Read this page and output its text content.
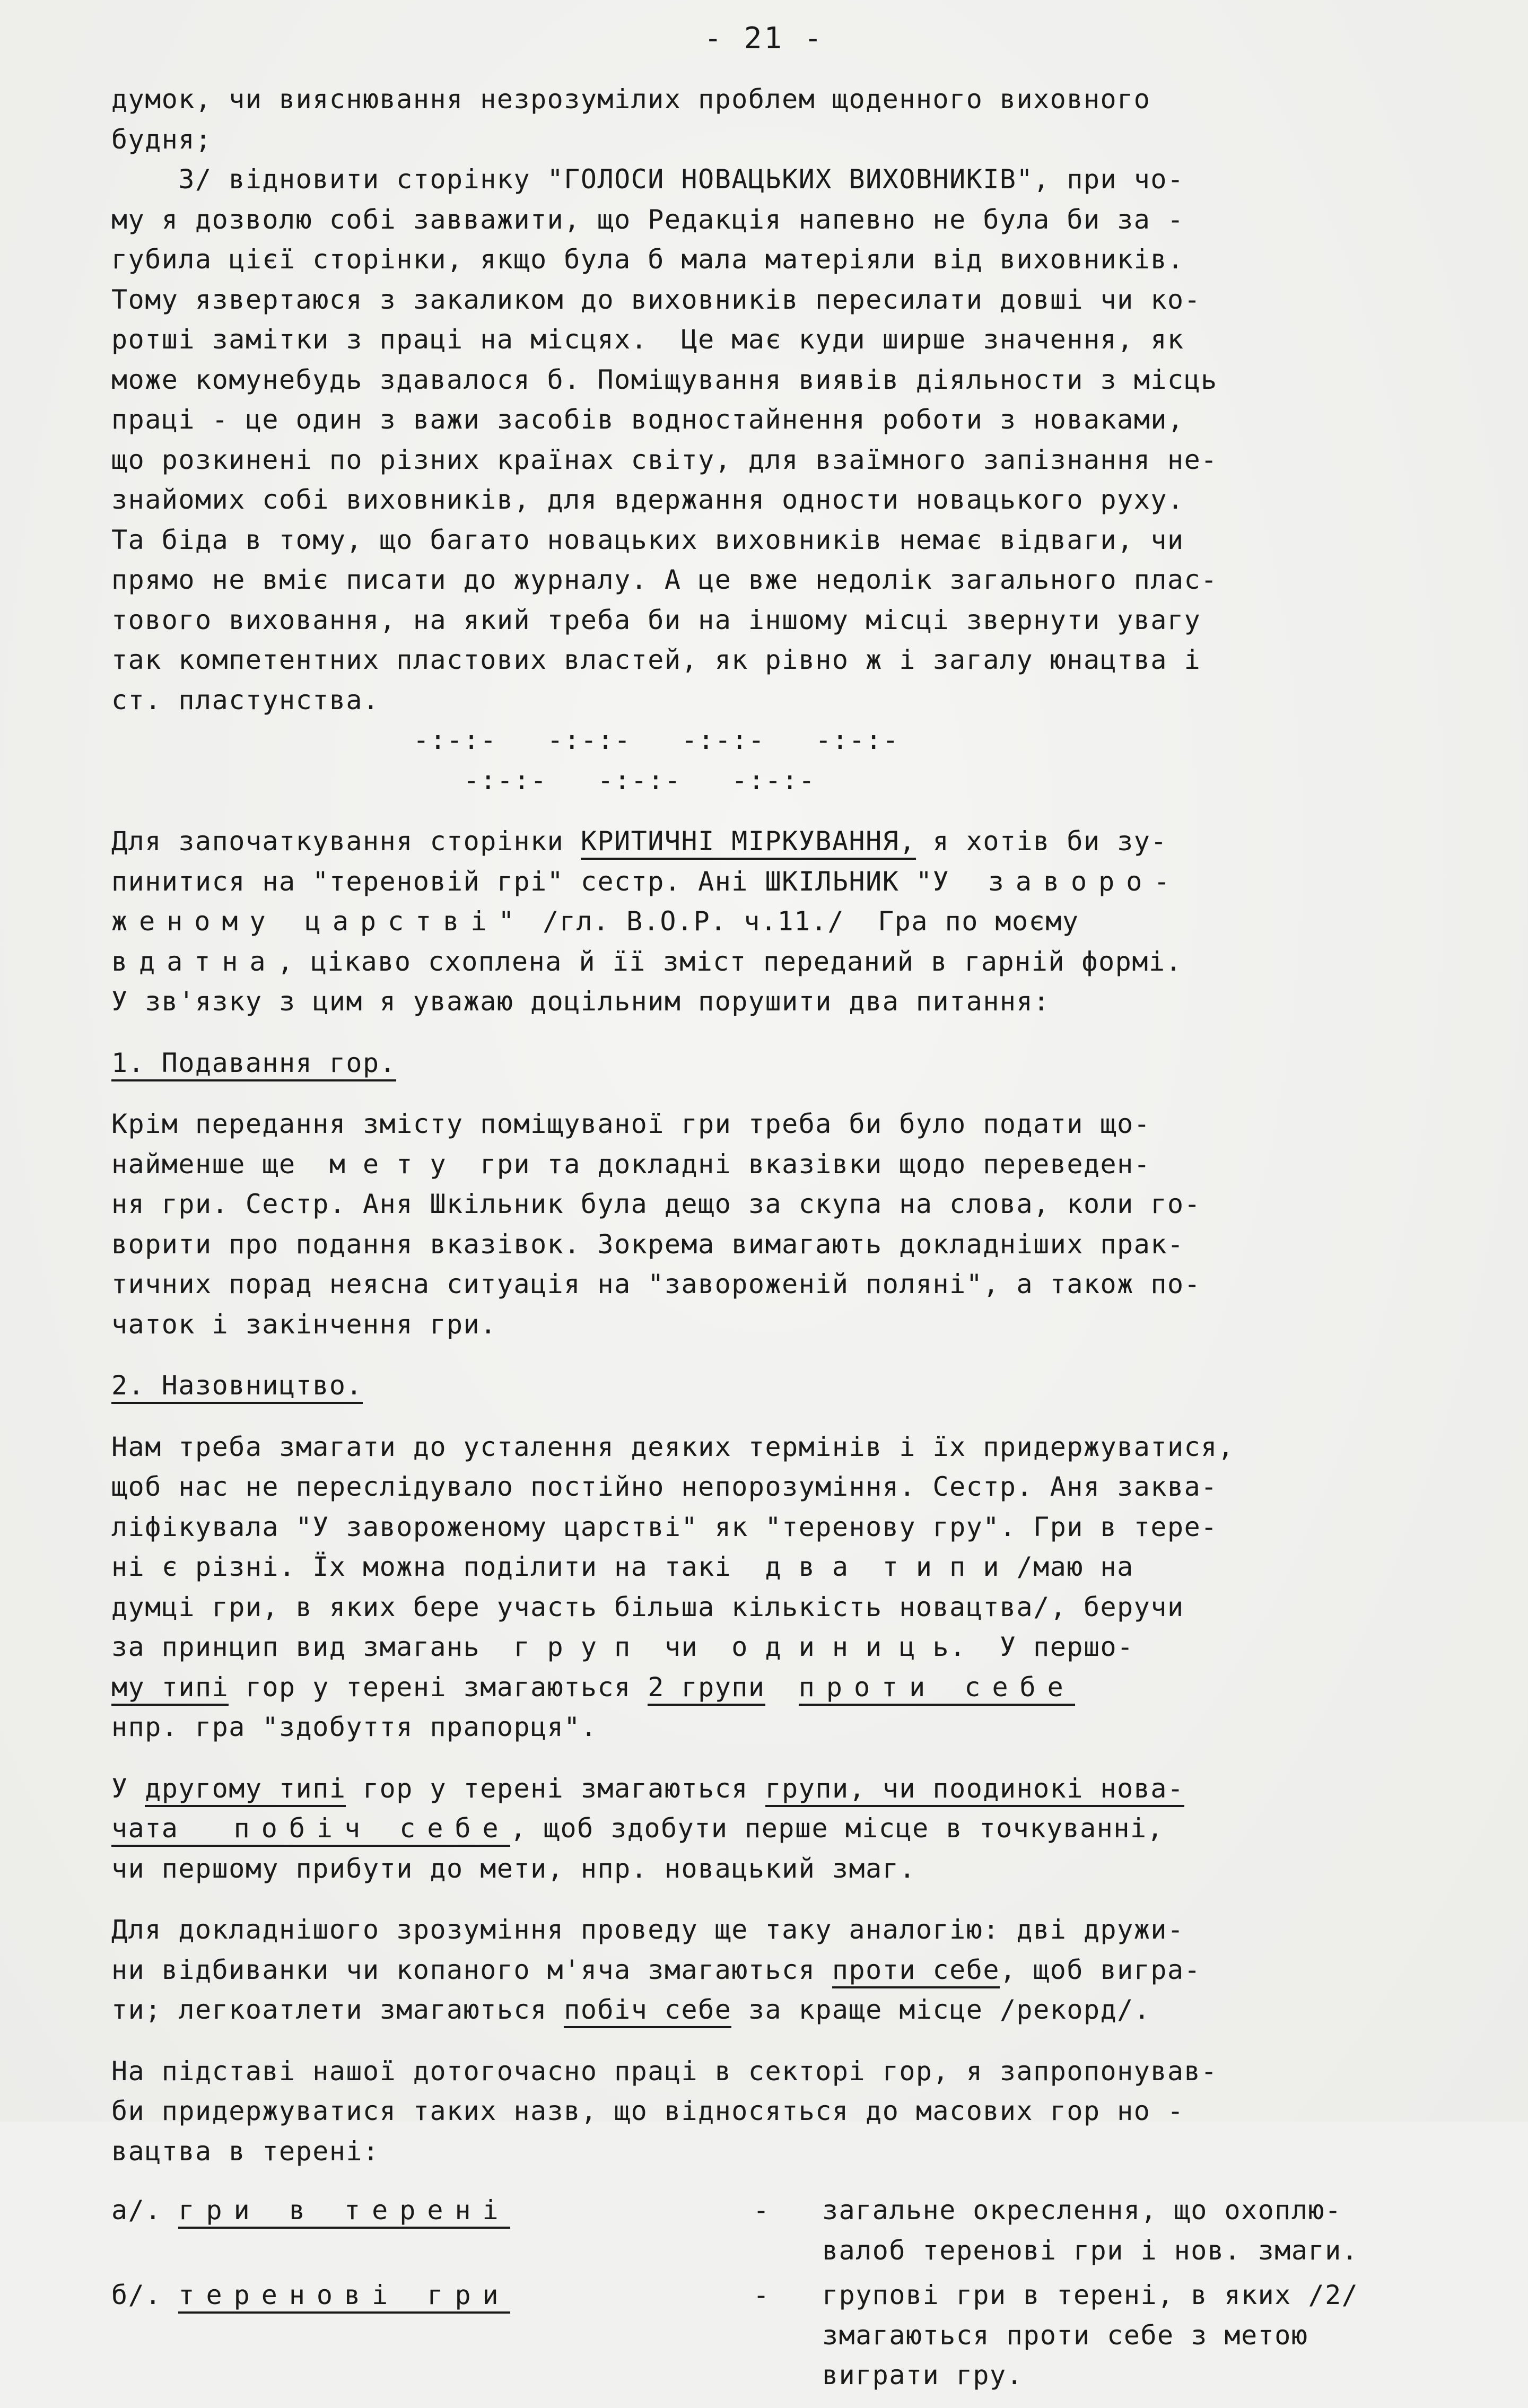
- 21 -
думок, чи вияснювання незрозумілих проблем щоденного виховного
будня;
3/ відновити сторінку "ГОЛОСИ НОВАЦЬКИХ ВИХОВНИКІВ", при чо-
му я дозволю собі завважити, що Редакція напевно не була би за -
губила цієї сторінки, якщо була б мала матеріяли від виховників.
Тому язвертаюся з закаликом до виховників пересилати довші чи ко-
ротші замітки з праці на місцях.  Це має куди ширше значення, як
може комунебудь здавалося б. Поміщування виявів діяльности з місць
праці - це один з важи засобів водностайнення роботи з новаками,
що розкинені по різних країнах світу, для взаїмного запізнання не-
знайомих собі виховників, для вдержання одности новацького руху.
Та біда в тому, що багато новацьких виховників немає відваги, чи
прямо не вміє писати до журналу. А це вже недолік загального плас-
тового виховання, на який треба би на іншому місці звернути увагу
так компетентних пластових властей, як рівно ж і загалу юнацтва і
ст. пластунства.
-:-:-   -:-:-   -:-:-   -:-:-
-:-:-   -:-:-   -:-:-
Для започаткування сторінки КРИТИЧНІ МІРКУВАННЯ, я хотів би зу-
пинитися на "терeновій грі" сестр. Ані ШКІЛЬНИК "У заворо-
женому царстві" /гл. В.О.Р. ч.11./  Гра по моєму
вдатна, цікаво схоплена й її зміст переданий в гарній формі.
У зв'язку з цим я уважаю доцільним порушити два питання:
1. Подавання гор.
Крім передання змісту поміщуваної гри треба би було подати що-
найменше ще  м е т у  гри та докладні вказівки щодо переведен-
ня гри. Сестр. Аня Шкільник була дещо за скупа на слова, коли го-
ворити про подання вказівок. Зокрема вимагають докладніших прак-
тичних порад неясна ситуація на "завороженій поляні", а також по-
чаток і закінчення гри.
2. Назовництво.
Нам треба змaгати до усталення деяких термінів і їх придержуватися,
щоб нас не переслідувало постійно непорозуміння. Сестр. Аня заква-
ліфікувала "У завороженому царстві" як "теренову гру". Гри в тере-
ні є різні. Їх можна поділити на такі  д в а  т и п и /маю на
думці гри, в яких бере участь більша кількість новацтва/, беручи
за принцип вид змагань  г р у п  чи  о д и н и ц ь.  У першо-
му типі гор у терені змагаються 2 групи проти себе
нпр. гра "здобуття прапорця".
У другому типі гор у терені змагаються групи, чи поодинокі нова-
чата  побіч себе, щоб здобути перше місце в точкуванні,
чи першому прибути до мети, нпр. новацький змаг.
Для докладнішого зрозуміння проведу ще таку аналогію: дві дружи-
ни відбиванки чи копаного м'яча змагаються проти себе, щоб вигра-
ти; легкоатлети змагаються побіч себе за краще місце /рекорд/.
На підставі нашої дотогочасно праці в секторі гор, я запропонував-
би придержуватися таких назв, що відносяться до масових гор но -
вацтва в терені:
а/. гри в терені	- загальне окреслення, що охоплю-
валоб теренові гри і нов. змаги.
б/. теренові гри	- групові гри в терені, в яких /2/
змагаються проти себе з метою
виграти гру.
